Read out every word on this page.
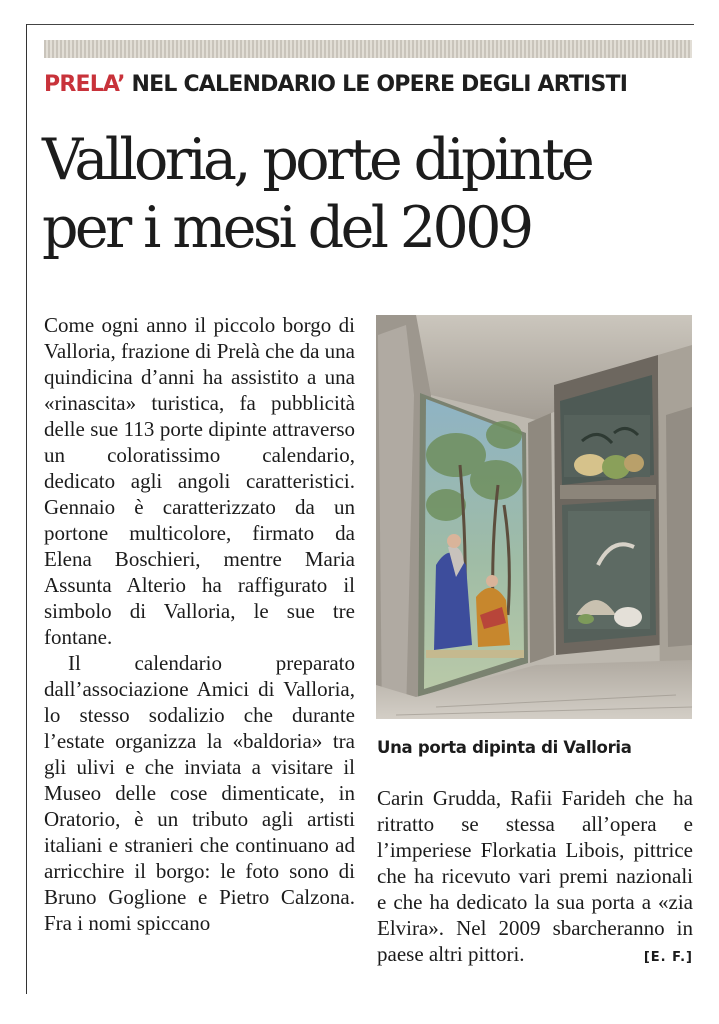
PRELA’ NEL CALENDARIO LE OPERE DEGLI ARTISTI
Valloria, porte dipinte
per i mesi del 2009

Come ogni anno il piccolo borgo di Valloria, frazione di Prelà che da una quindicina d’anni ha assistito a una «rinascita» turistica, fa pubblicità delle sue 113 porte dipinte attraverso un coloratissimo calendario, dedicato agli angoli caratteristici. Gennaio è caratterizzato da un portone multicolore, firmato da Elena Boschieri, mentre Maria Assunta Alterio ha raffigurato il simbolo di Valloria, le sue tre fontane.

Il calendario preparato dall’associazione Amici di Valloria, lo stesso sodalizio che durante l’estate organizza la «baldoria» tra gli ulivi e che inviata a visitare il Museo delle cose dimenticate, in Oratorio, è un tributo agli artisti italiani e stranieri che continuano ad arricchire il borgo: le foto sono di Bruno Goglione e Pietro Calzona. Fra i nomi spiccano

Una porta dipinta di Valloria

Carin Grudda, Rafii Farideh che ha ritratto se stessa all’opera e l’imperiese Florkatia Libois, pittrice che ha ricevuto vari premi nazionali e che ha dedicato la sua porta a «zia Elvira». Nel 2009 sbarcheranno in paese altri pittori.	[E. F.]
